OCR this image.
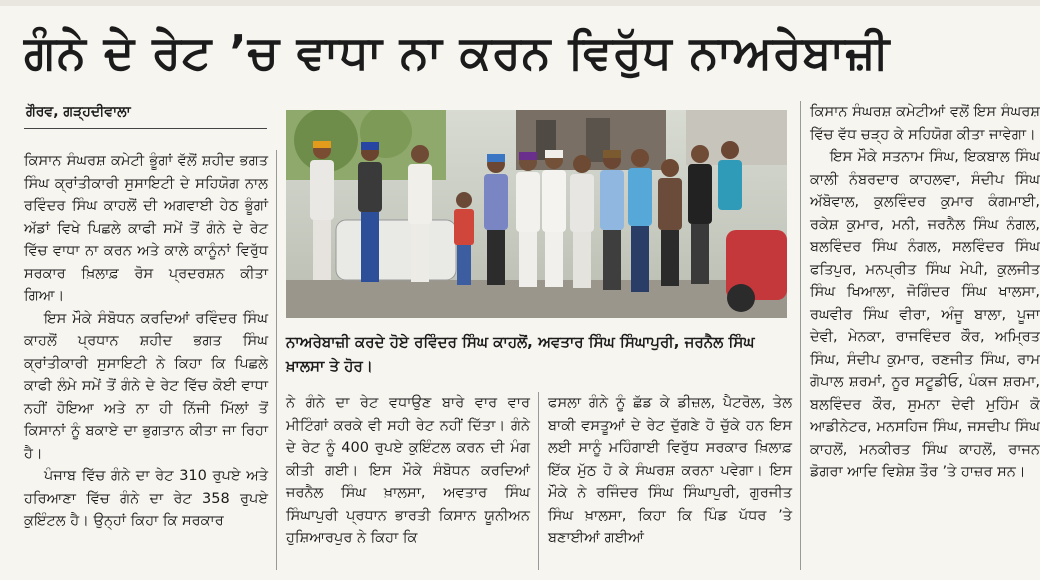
ਗੰਨੇ ਦੇ ਰੇਟ ’ਚ ਵਾਧਾ ਨਾ ਕਰਨ ਵਿਰੁੱਧ ਨਾਅਰੇਬਾਜ਼ੀ
ਗੌਰਵ, ਗੜ੍ਹਦੀਵਾਲਾ

ਕਿਸਾਨ ਸੰਘਰਸ਼ ਕਮੇਟੀ ਭੂੰਗਾਂ ਵੱਲੋਂ ਸ਼ਹੀਦ ਭਗਤ ਸਿੰਘ ਕ੍ਰਾਂਤੀਕਾਰੀ ਸੁਸਾਇਟੀ ਦੇ ਸਹਿਯੋਗ ਨਾਲ ਰਵਿੰਦਰ ਸਿੰਘ ਕਾਹਲੋਂ ਦੀ ਅਗਵਾਈ ਹੇਠ ਭੂੰਗਾਂ ਅੱਡਾਂ ਵਿਖੇ ਪਿਛਲੇ ਕਾਫੀ ਸਮੇਂ ਤੋਂ ਗੰਨੇ ਦੇ ਰੇਟ ਵਿੱਚ ਵਾਧਾ ਨਾ ਕਰਨ ਅਤੇ ਕਾਲੇ ਕਾਨੂੰਨਾਂ ਵਿਰੁੱਧ ਸਰਕਾਰ ਖ਼ਿਲਾਫ਼ ਰੋਸ ਪ੍ਰਦਰਸ਼ਨ ਕੀਤਾ ਗਿਆ।

ਇਸ ਮੌਕੇ ਸੰਬੋਧਨ ਕਰਦਿਆਂ ਰਵਿੰਦਰ ਸਿੰਘ ਕਾਹਲੋਂ ਪ੍ਰਧਾਨ ਸ਼ਹੀਦ ਭਗਤ ਸਿੰਘ ਕ੍ਰਾਂਤੀਕਾਰੀ ਸੁਸਾਇਟੀ ਨੇ ਕਿਹਾ ਕਿ ਪਿਛਲੇ ਕਾਫੀ ਲੰਮੇ ਸਮੇਂ ਤੋਂ ਗੰਨੇ ਦੇ ਰੇਟ ਵਿੱਚ ਕੋਈ ਵਾਧਾ ਨਹੀਂ ਹੋਇਆ ਅਤੇ ਨਾ ਹੀ ਨਿੱਜੀ ਮਿੱਲਾਂ ਤੋਂ ਕਿਸਾਨਾਂ ਨੂੰ ਬਕਾਏ ਦਾ ਭੁਗਤਾਨ ਕੀਤਾ ਜਾ ਰਿਹਾ ਹੈ।

ਪੰਜਾਬ ਵਿੱਚ ਗੰਨੇ ਦਾ ਰੇਟ 310 ਰੁਪਏ ਅਤੇ ਹਰਿਆਣਾ ਵਿੱਚ ਗੰਨੇ ਦਾ ਰੇਟ 358 ਰੁਪਏ ਕੁਇੰਟਲ ਹੈ। ਉਨ੍ਹਾਂ ਕਿਹਾ ਕਿ ਸਰਕਾਰ

ਨਾਅਰੇਬਾਜ਼ੀ ਕਰਦੇ ਹੋਏ ਰਵਿੰਦਰ ਸਿੰਘ ਕਾਹਲੋਂ, ਅਵਤਾਰ ਸਿੰਘ ਸਿੰਘਾਪੁਰੀ, ਜਰਨੈਲ ਸਿੰਘ ਖ਼ਾਲਸਾ ਤੇ ਹੋਰ।

ਨੇ ਗੰਨੇ ਦਾ ਰੇਟ ਵਧਾਉਣ ਬਾਰੇ ਵਾਰ ਵਾਰ ਮੀਟਿੰਗਾਂ ਕਰਕੇ ਵੀ ਸਹੀ ਰੇਟ ਨਹੀਂ ਦਿੱਤਾ। ਗੰਨੇ ਦੇ ਰੇਟ ਨੂੰ 400 ਰੁਪਏ ਕੁਇੰਟਲ ਕਰਨ ਦੀ ਮੰਗ ਕੀਤੀ ਗਈ। ਇਸ ਮੌਕੇ ਸੰਬੋਧਨ ਕਰਦਿਆਂ ਜਰਨੈਲ ਸਿੰਘ ਖ਼ਾਲਸਾ, ਅਵਤਾਰ ਸਿੰਘ ਸਿੰਘਾਪੁਰੀ ਪ੍ਰਧਾਨ ਭਾਰਤੀ ਕਿਸਾਨ ਯੂਨੀਅਨ ਹੁਸ਼ਿਆਰਪੁਰ ਨੇ ਕਿਹਾ ਕਿ

ਫਸਲਾ ਗੰਨੇ ਨੂੰ ਛੱਡ ਕੇ ਡੀਜ਼ਲ, ਪੈਟਰੋਲ, ਤੇਲ ਬਾਕੀ ਵਸਤੂਆਂ ਦੇ ਰੇਟ ਦੁੱਗਣੇ ਹੋ ਚੁੱਕੇ ਹਨ ਇਸ ਲਈ ਸਾਨੂੰ ਮਹਿੰਗਾਈ ਵਿਰੁੱਧ ਸਰਕਾਰ ਖ਼ਿਲਾਫ਼ ਇੱਕ ਮੁੱਠ ਹੋ ਕੇ ਸੰਘਰਸ਼ ਕਰਨਾ ਪਵੇਗਾ। ਇਸ ਮੌਕੇ ਨੇ ਰਜਿੰਦਰ ਸਿੰਘ ਸਿੰਘਾਪੁਰੀ, ਗੁਰਜੀਤ ਸਿੰਘ ਖ਼ਾਲਸਾ, ਕਿਹਾ ਕਿ ਪਿੰਡ ਪੱਧਰ ’ਤੇ ਬਣਾਈਆਂ ਗਈਆਂ

ਕਿਸਾਨ ਸੰਘਰਸ਼ ਕਮੇਟੀਆਂ ਵਲੋਂ ਇਸ ਸੰਘਰਸ਼ ਵਿੱਚ ਵੱਧ ਚੜ੍ਹ ਕੇ ਸਹਿਯੋਗ ਕੀਤਾ ਜਾਵੇਗਾ।

ਇਸ ਮੌਕੇ ਸਤਨਾਮ ਸਿੰਘ, ਇਕਬਾਲ ਸਿੰਘ ਕਾਲੀ ਨੰਬਰਦਾਰ ਕਾਹਲਵਾ, ਸੰਦੀਪ ਸਿੰਘ ਅੱਬੋਵਾਲ, ਕੁਲਵਿੰਦਰ ਕੁਮਾਰ ਕੰਗਮਾਈ, ਰਕੇਸ਼ ਕੁਮਾਰ, ਮਨੀ, ਜਰਨੈਲ ਸਿੰਘ ਨੰਗਲ, ਬਲਵਿੰਦਰ ਸਿੰਘ ਨੰਗਲ, ਸਲਵਿੰਦਰ ਸਿੰਘ ਫਤਿਪੁਰ, ਮਨਪ੍ਰੀਤ ਸਿੰਘ ਮੇਪੀ, ਕੁਲਜੀਤ ਸਿੰਘ ਖਿਆਲਾ, ਜੋਗਿੰਦਰ ਸਿੰਘ ਖਾਲਸਾ, ਰਘਵੀਰ ਸਿੰਘ ਵੀਰਾ, ਅੰਜੂ ਬਾਲਾ, ਪੂਜਾ ਦੇਵੀ, ਮੇਨਕਾ, ਰਾਜਵਿੰਦਰ ਕੌਰ, ਅਮ੍ਰਿਤ ਸਿੰਘ, ਸੰਦੀਪ ਕੁਮਾਰ, ਰਣਜੀਤ ਸਿੰਘ, ਰਾਮ ਗੋਪਾਲ ਸ਼ਰਮਾਂ, ਨੂਰ ਸਟੂਡੀਓ, ਪੰਕਜ ਸ਼ਰਮਾ, ਬਲਵਿੰਦਰ ਕੌਰ, ਸੁਮਨਾ ਦੇਵੀ ਮੁਹਿੰਮ ਕੋ ਆਡੀਨੇਟਰ, ਮਨਸਹਿਜ ਸਿੰਘ, ਜਸਦੀਪ ਸਿੰਘ ਕਾਹਲੋਂ, ਮਨਕੀਰਤ ਸਿੰਘ ਕਾਹਲੋਂ, ਰਾਜਨ ਡੋਗਰਾ ਆਦਿ ਵਿਸ਼ੇਸ਼ ਤੌਰ ’ਤੇ ਹਾਜ਼ਰ ਸਨ।
